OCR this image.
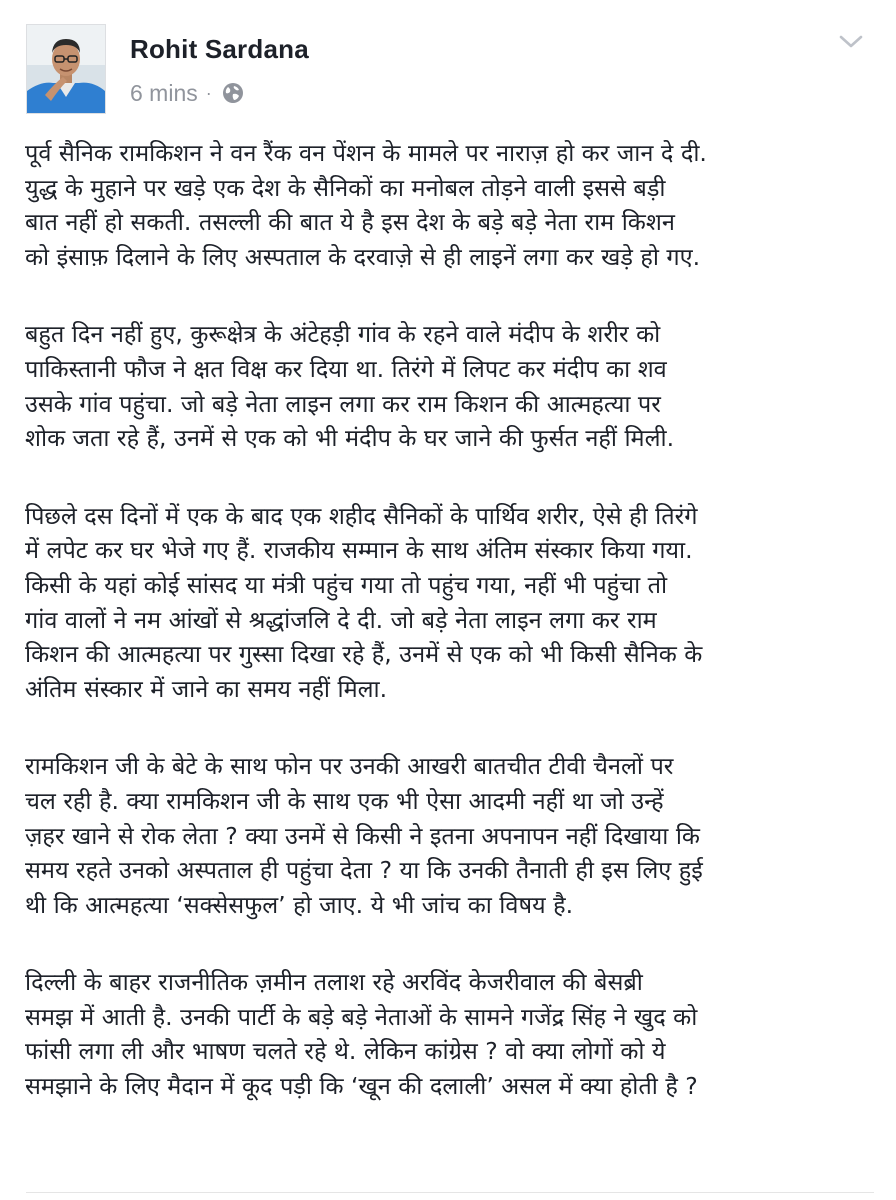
Rohit Sardana
6 mins ·

पूर्व सैनिक रामकिशन ने वन रैंक वन पेंशन के मामले पर नाराज़ हो कर जान दे दी.
युद्ध के मुहाने पर खड़े एक देश के सैनिकों का मनोबल तोड़ने वाली इससे बड़ी
बात नहीं हो सकती. तसल्ली की बात ये है इस देश के बड़े बड़े नेता राम किशन
को इंसाफ़ दिलाने के लिए अस्पताल के दरवाज़े से ही लाइनें लगा कर खड़े हो गए.

बहुत दिन नहीं हुए, कुरूक्षेत्र के अंटेहड़ी गांव के रहने वाले मंदीप के शरीर को
पाकिस्तानी फौज ने क्षत विक्ष कर दिया था. तिरंगे में लिपट कर मंदीप का शव
उसके गांव पहुंचा. जो बड़े नेता लाइन लगा कर राम किशन की आत्महत्या पर
शोक जता रहे हैं, उनमें से एक को भी मंदीप के घर जाने की फुर्सत नहीं मिली.

पिछले दस दिनों में एक के बाद एक शहीद सैनिकों के पार्थिव शरीर, ऐसे ही तिरंगे
में लपेट कर घर भेजे गए हैं. राजकीय सम्मान के साथ अंतिम संस्कार किया गया.
किसी के यहां कोई सांसद या मंत्री पहुंच गया तो पहुंच गया, नहीं भी पहुंचा तो
गांव वालों ने नम आंखों से श्रद्धांजलि दे दी. जो बड़े नेता लाइन लगा कर राम
किशन की आत्महत्या पर गुस्सा दिखा रहे हैं, उनमें से एक को भी किसी सैनिक के
अंतिम संस्कार में जाने का समय नहीं मिला.

रामकिशन जी के बेटे के साथ फोन पर उनकी आखरी बातचीत टीवी चैनलों पर
चल रही है. क्या रामकिशन जी के साथ एक भी ऐसा आदमी नहीं था जो उन्हें
ज़हर खाने से रोक लेता ? क्या उनमें से किसी ने इतना अपनापन नहीं दिखाया कि
समय रहते उनको अस्पताल ही पहुंचा देता ? या कि उनकी तैनाती ही इस लिए हुई
थी कि आत्महत्या ‘सक्सेसफुल’ हो जाए. ये भी जांच का विषय है.

दिल्ली के बाहर राजनीतिक ज़मीन तलाश रहे अरविंद केजरीवाल की बेसब्री
समझ में आती है. उनकी पार्टी के बड़े बड़े नेताओं के सामने गजेंद्र सिंह ने खुद को
फांसी लगा ली और भाषण चलते रहे थे. लेकिन कांग्रेस ? वो क्या लोगों को ये
समझाने के लिए मैदान में कूद पड़ी कि ‘खून की दलाली’ असल में क्या होती है ?
